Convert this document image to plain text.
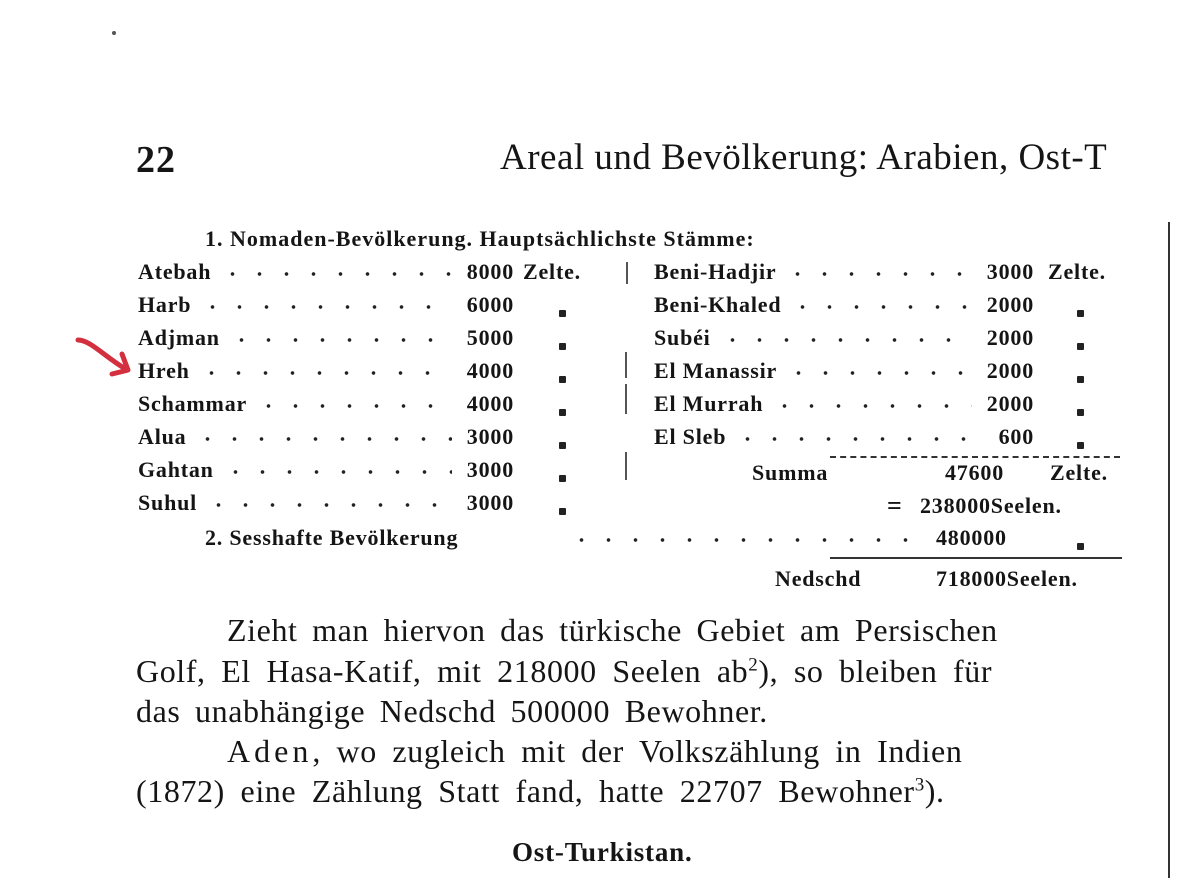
22	Areal und Bevölkerung: Arabien, Ost-T
1. Nomaden-Bevölkerung. Hauptsächlichste Stämme:
Atebah	8000 Zelte.
Harb	6000
Adjman	5000
Hreh	4000
Schammar	4000
Alua	3000
Gahtan	3000
Suhul	3000
Beni-Hadjir	3000 Zelte.
Beni-Khaled	2000
Subéi	2000
El Manassir	2000
El Murrah	2000
El Sleb	600
Summa	47600 Zelte.
= 238000Seelen.
2. Sesshafte Bevölkerung	480000
Nedschd	718000Seelen.
Zieht man hiervon das türkische Gebiet am Persischen
Golf, El Hasa-Katif, mit 218000 Seelen $ab^2$), so bleiben für
das unabhängige Nedschd 500000 Bewohner.
Aden, wo zugleich mit der Volkszählung in Indien
(1872) eine Zählung Statt fand, hatte 22707 Bewohner$^3$).
Ost-Turkistan.
